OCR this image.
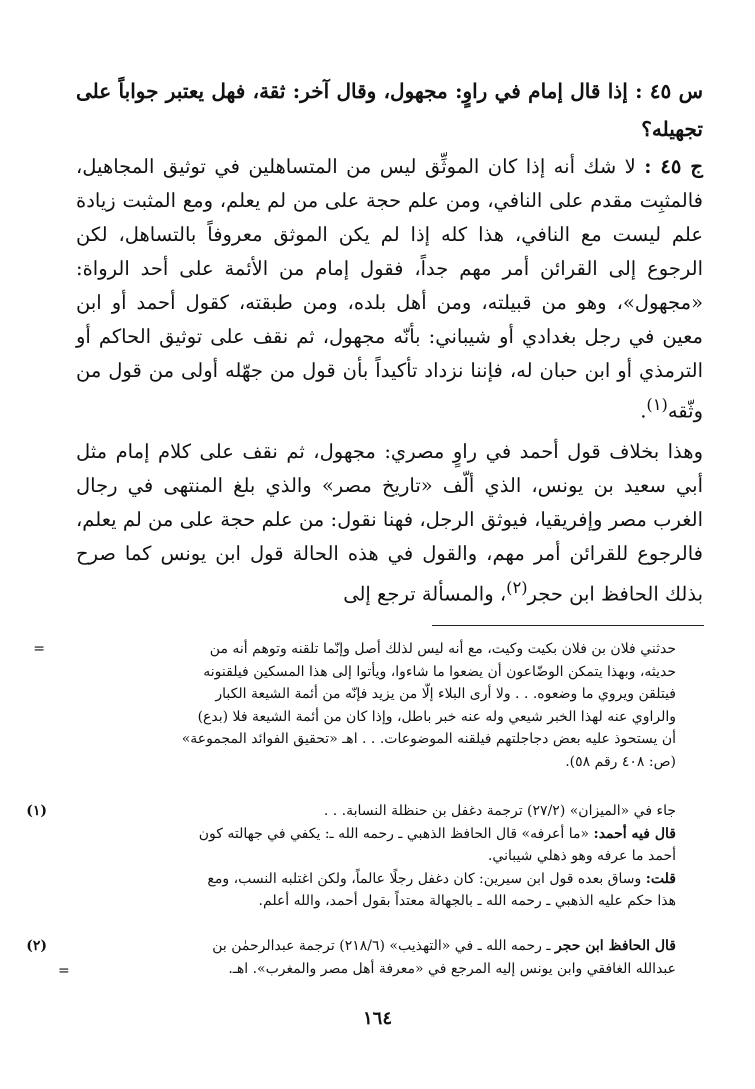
س ٤٥ : إذا قال إمام في راوٍ: مجهول، وقال آخر: ثقة، فهل يعتبر جواباً على تجهيله؟

ج ٤٥ : لا شك أنه إذا كان الموثِّق ليس من المتساهلين في توثيق المجاهيل، فالمثبِت مقدم على النافي، ومن علم حجة على من لم يعلم، ومع المثبت زيادة علم ليست مع النافي، هذا كله إذا لم يكن الموثق معروفاً بالتساهل، لكن الرجوع إلى القرائن أمر مهم جداً، فقول إمام من الأئمة على أحد الرواة: «مجهول»، وهو من قبيلته، ومن أهل بلده، ومن طبقته، كقول أحمد أو ابن معين في رجل بغدادي أو شيباني: بأنّه مجهول، ثم نقف على توثيق الحاكم أو الترمذي أو ابن حبان له، فإننا نزداد تأكيداً بأن قول من جهّله أولى من قول من وثّقه$^{(١)}$.

وهذا بخلاف قول أحمد في راوٍ مصري: مجهول، ثم نقف على كلام إمام مثل أبي سعيد بن يونس، الذي ألّف «تاريخ مصر» والذي بلغ المنتهى في رجال الغرب مصر وإفريقيا، فيوثق الرجل، فهنا نقول: من علم حجة على من لم يعلم، فالرجوع للقرائن أمر مهم، والقول في هذه الحالة قول ابن يونس كما صرح بذلك الحافظ ابن حجر$^{(٢)}$، والمسألة ترجع إلى

=	حدثني فلان بن فلان بكيت وكيت، مع أنه ليس لذلك أصل وإنّما تلقنه وتوهم أنه من
حديثه، وبهذا يتمكن الوضّاعون أن يضعوا ما شاءوا، ويأتوا إلى هذا المسكين فيلقنونه
فيتلقن ويروي ما وضعوه. . . ولا أرى البلاء إلّا من يزيد فإنّه من أئمة الشيعة الكبار
والراوي عنه لهذا الخبر شيعي وله عنه خبر باطل، وإذا كان من أئمة الشيعة فلا (بدع)
أن يستحوذ عليه بعض دجاجلتهم فيلقنه الموضوعات. . . اهـ «تحقيق الفوائد المجموعة»
(ص: ٤٠٨ رقم ٥٨).
(١)	جاء في «الميزان» (٢٧/٢) ترجمة دغفل بن حنظلة النسابة. . .
قال فيه أحمد: «ما أعرفه» قال الحافظ الذهبي ـ رحمه الله ـ: يكفي في جهالته كون
أحمد ما عرفه وهو ذهلي شيباني.
قلت: وساق بعده قول ابن سيرين: كان دغفل رجلًا عالماً، ولكن اغتلبه النسب، ومع
هذا حكم عليه الذهبي ـ رحمه الله ـ بالجهالة معتداً بقول أحمد، والله أعلم.
(٢)	قال الحافظ ابن حجر ـ رحمه الله ـ في «التهذيب» (٢١٨/٦) ترجمة عبدالرحمٰن بن
عبدالله الغافقي وابن يونس إليه المرجع في «معرفة أهل مصر والمغرب». اهـ.
=
١٦٤
